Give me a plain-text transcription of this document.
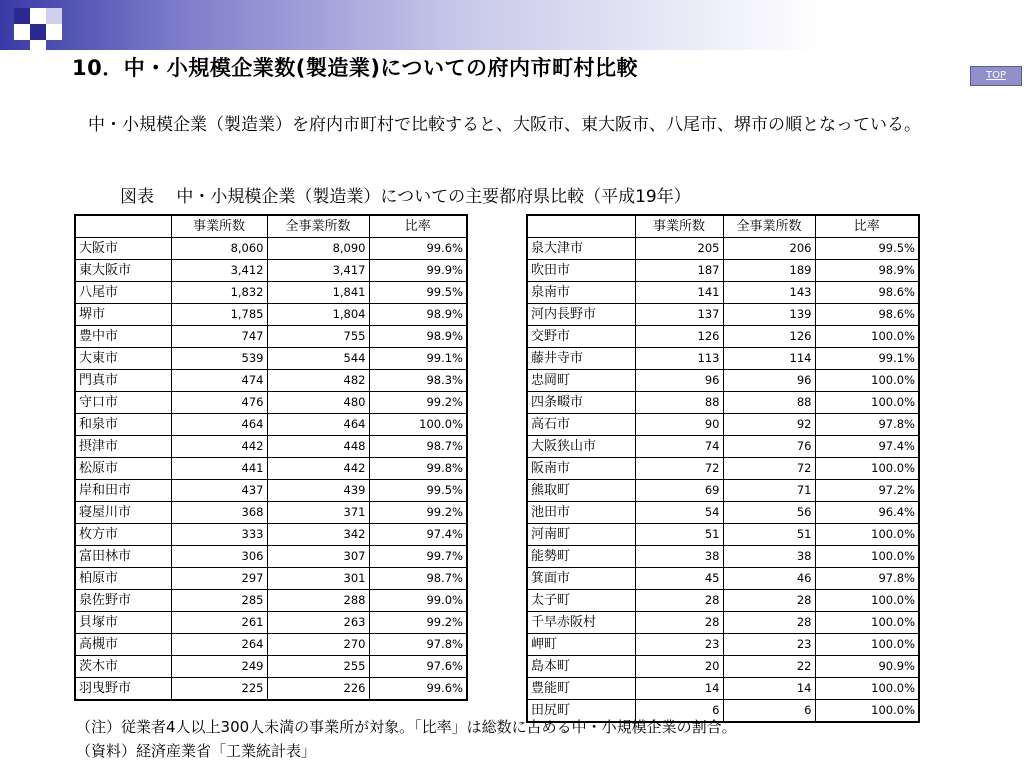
10．中・小規模企業数(製造業)についての府内市町村比較	TOP
中・小規模企業（製造業）を府内市町村で比較すると、大阪市、東大阪市、八尾市、堺市の順となっている。
図表　 中・小規模企業（製造業）についての主要都府県比較（平成19年）
	事業所数	全事業所数	比率
大阪市	8,060	8,090	99.6%
東大阪市	3,412	3,417	99.9%
八尾市	1,832	1,841	99.5%
堺市	1,785	1,804	98.9%
豊中市	747	755	98.9%
大東市	539	544	99.1%
門真市	474	482	98.3%
守口市	476	480	99.2%
和泉市	464	464	100.0%
摂津市	442	448	98.7%
松原市	441	442	99.8%
岸和田市	437	439	99.5%
寝屋川市	368	371	99.2%
枚方市	333	342	97.4%
富田林市	306	307	99.7%
柏原市	297	301	98.7%
泉佐野市	285	288	99.0%
貝塚市	261	263	99.2%
高槻市	264	270	97.8%
茨木市	249	255	97.6%
羽曳野市	225	226	99.6%
	事業所数	全事業所数	比率
泉大津市	205	206	99.5%
吹田市	187	189	98.9%
泉南市	141	143	98.6%
河内長野市	137	139	98.6%
交野市	126	126	100.0%
藤井寺市	113	114	99.1%
忠岡町	96	96	100.0%
四条畷市	88	88	100.0%
高石市	90	92	97.8%
大阪狭山市	74	76	97.4%
阪南市	72	72	100.0%
熊取町	69	71	97.2%
池田市	54	56	96.4%
河南町	51	51	100.0%
能勢町	38	38	100.0%
箕面市	45	46	97.8%
太子町	28	28	100.0%
千早赤阪村	28	28	100.0%
岬町	23	23	100.0%
島本町	20	22	90.9%
豊能町	14	14	100.0%
田尻町	6	6	100.0%
（注）従業者4人以上300人未満の事業所が対象。「比率」は総数に占める中・小規模企業の割合。
（資料）経済産業省「工業統計表」
